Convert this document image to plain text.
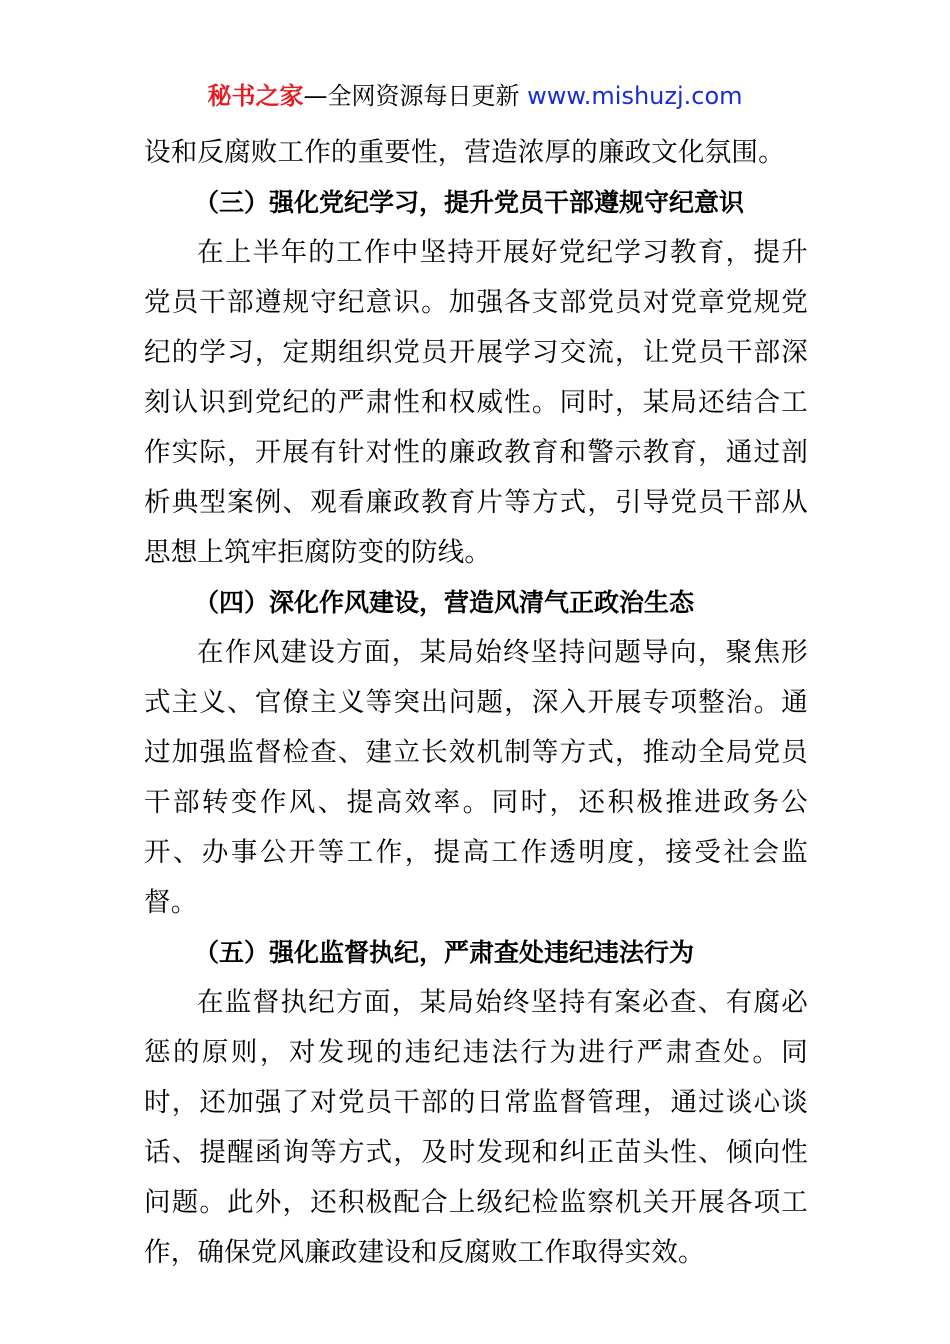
秘书之家—全网资源每日更新 www.mishuzj.com

设和反腐败工作的重要性，营造浓厚的廉政文化氛围。

（三）强化党纪学习，提升党员干部遵规守纪意识

在上半年的工作中坚持开展好党纪学习教育，提升党员干部遵规守纪意识。加强各支部党员对党章党规党纪的学习，定期组织党员开展学习交流，让党员干部深刻认识到党纪的严肃性和权威性。同时，某局还结合工作实际，开展有针对性的廉政教育和警示教育，通过剖析典型案例、观看廉政教育片等方式，引导党员干部从思想上筑牢拒腐防变的防线。

（四）深化作风建设，营造风清气正政治生态

在作风建设方面，某局始终坚持问题导向，聚焦形式主义、官僚主义等突出问题，深入开展专项整治。通过加强监督检查、建立长效机制等方式，推动全局党员干部转变作风、提高效率。同时，还积极推进政务公开、办事公开等工作，提高工作透明度，接受社会监督。

（五）强化监督执纪，严肃查处违纪违法行为

在监督执纪方面，某局始终坚持有案必查、有腐必惩的原则，对发现的违纪违法行为进行严肃查处。同时，还加强了对党员干部的日常监督管理，通过谈心谈话、提醒函询等方式，及时发现和纠正苗头性、倾向性问题。此外，还积极配合上级纪检监察机关开展各项工作，确保党风廉政建设和反腐败工作取得实效。
